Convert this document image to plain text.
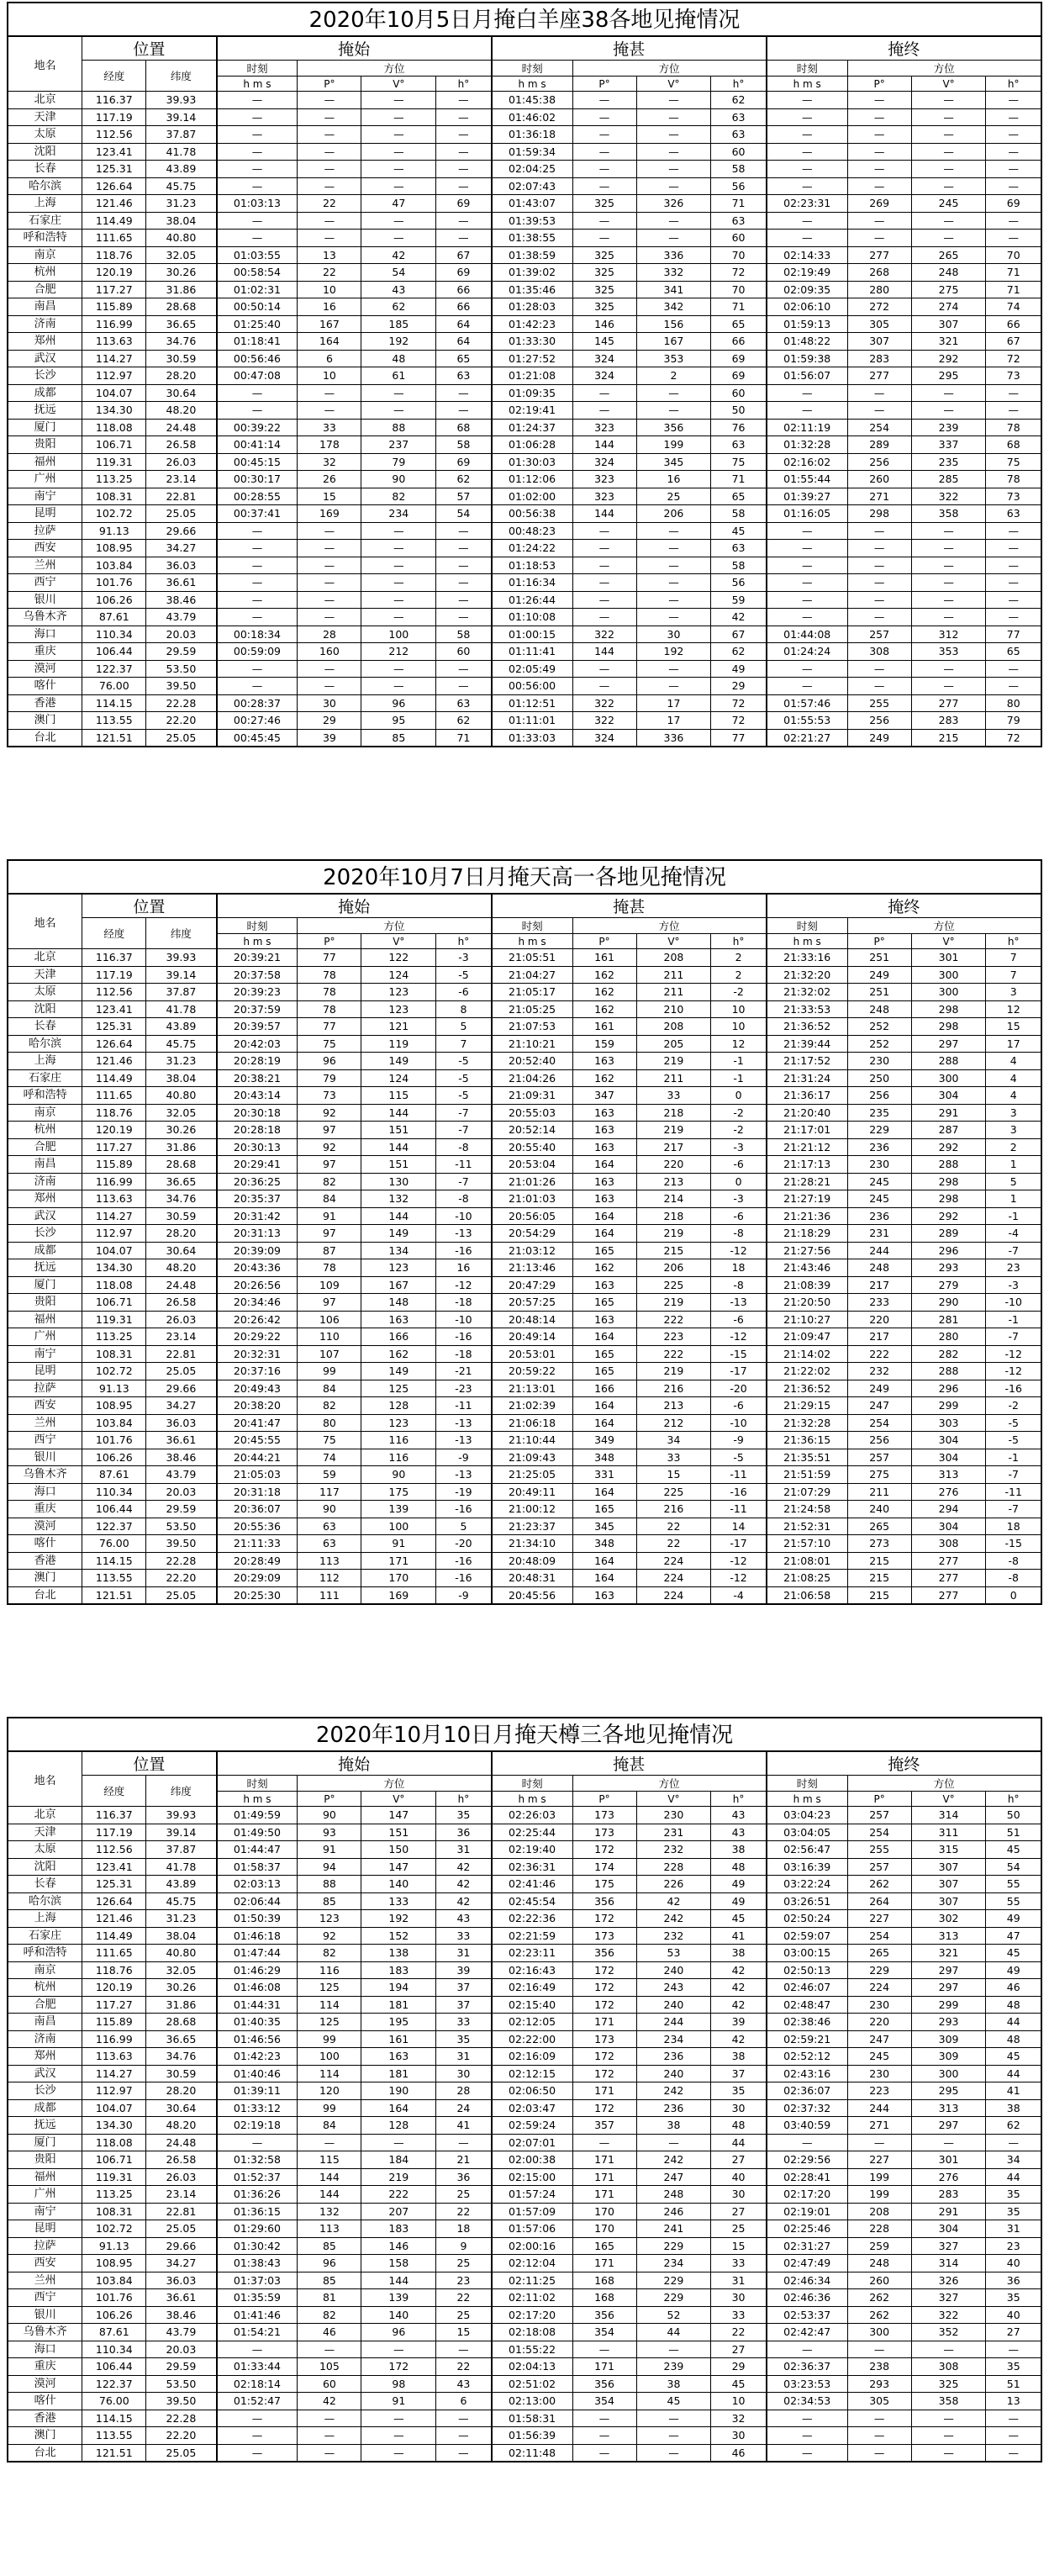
2020年10月5日月掩白羊座38各地见掩情况
地名	位置		掩始				掩甚				掩终			
	经度	纬度	时刻	方位			时刻	方位			时刻	方位		
			h m s	P°	V°	h°	h m s	P°	V°	h°	h m s	P°	V°	h°
北京	116.37	39.93	—	—	—	—	01:45:38	—	—	62	—	—	—	—
天津	117.19	39.14	—	—	—	—	01:46:02	—	—	63	—	—	—	—
太原	112.56	37.87	—	—	—	—	01:36:18	—	—	63	—	—	—	—
沈阳	123.41	41.78	—	—	—	—	01:59:34	—	—	60	—	—	—	—
长春	125.31	43.89	—	—	—	—	02:04:25	—	—	58	—	—	—	—
哈尔滨	126.64	45.75	—	—	—	—	02:07:43	—	—	56	—	—	—	—
上海	121.46	31.23	01:03:13	22	47	69	01:43:07	325	326	71	02:23:31	269	245	69
石家庄	114.49	38.04	—	—	—	—	01:39:53	—	—	63	—	—	—	—
呼和浩特	111.65	40.80	—	—	—	—	01:38:55	—	—	60	—	—	—	—
南京	118.76	32.05	01:03:55	13	42	67	01:38:59	325	336	70	02:14:33	277	265	70
杭州	120.19	30.26	00:58:54	22	54	69	01:39:02	325	332	72	02:19:49	268	248	71
合肥	117.27	31.86	01:02:31	10	43	66	01:35:46	325	341	70	02:09:35	280	275	71
南昌	115.89	28.68	00:50:14	16	62	66	01:28:03	325	342	71	02:06:10	272	274	74
济南	116.99	36.65	01:25:40	167	185	64	01:42:23	146	156	65	01:59:13	305	307	66
郑州	113.63	34.76	01:18:41	164	192	64	01:33:30	145	167	66	01:48:22	307	321	67
武汉	114.27	30.59	00:56:46	6	48	65	01:27:52	324	353	69	01:59:38	283	292	72
长沙	112.97	28.20	00:47:08	10	61	63	01:21:08	324	2	69	01:56:07	277	295	73
成都	104.07	30.64	—	—	—	—	01:09:35	—	—	60	—	—	—	—
抚远	134.30	48.20	—	—	—	—	02:19:41	—	—	50	—	—	—	—
厦门	118.08	24.48	00:39:22	33	88	68	01:24:37	323	356	76	02:11:19	254	239	78
贵阳	106.71	26.58	00:41:14	178	237	58	01:06:28	144	199	63	01:32:28	289	337	68
福州	119.31	26.03	00:45:15	32	79	69	01:30:03	324	345	75	02:16:02	256	235	75
广州	113.25	23.14	00:30:17	26	90	62	01:12:06	323	16	71	01:55:44	260	285	78
南宁	108.31	22.81	00:28:55	15	82	57	01:02:00	323	25	65	01:39:27	271	322	73
昆明	102.72	25.05	00:37:41	169	234	54	00:56:38	144	206	58	01:16:05	298	358	63
拉萨	91.13	29.66	—	—	—	—	00:48:23	—	—	45	—	—	—	—
西安	108.95	34.27	—	—	—	—	01:24:22	—	—	63	—	—	—	—
兰州	103.84	36.03	—	—	—	—	01:18:53	—	—	58	—	—	—	—
西宁	101.76	36.61	—	—	—	—	01:16:34	—	—	56	—	—	—	—
银川	106.26	38.46	—	—	—	—	01:26:44	—	—	59	—	—	—	—
乌鲁木齐	87.61	43.79	—	—	—	—	01:10:08	—	—	42	—	—	—	—
海口	110.34	20.03	00:18:34	28	100	58	01:00:15	322	30	67	01:44:08	257	312	77
重庆	106.44	29.59	00:59:09	160	212	60	01:11:41	144	192	62	01:24:24	308	353	65
漠河	122.37	53.50	—	—	—	—	02:05:49	—	—	49	—	—	—	—
喀什	76.00	39.50	—	—	—	—	00:56:00	—	—	29	—	—	—	—
香港	114.15	22.28	00:28:37	30	96	63	01:12:51	322	17	72	01:57:46	255	277	80
澳门	113.55	22.20	00:27:46	29	95	62	01:11:01	322	17	72	01:55:53	256	283	79
台北	121.51	25.05	00:45:45	39	85	71	01:33:03	324	336	77	02:21:27	249	215	72
2020年10月7日月掩天高一各地见掩情况
地名	位置		掩始				掩甚				掩终			
	经度	纬度	时刻	方位			时刻	方位			时刻	方位		
			h m s	P°	V°	h°	h m s	P°	V°	h°	h m s	P°	V°	h°
北京	116.37	39.93	20:39:21	77	122	-3	21:05:51	161	208	2	21:33:16	251	301	7
天津	117.19	39.14	20:37:58	78	124	-5	21:04:27	162	211	2	21:32:20	249	300	7
太原	112.56	37.87	20:39:23	78	123	-6	21:05:17	162	211	-2	21:32:02	251	300	3
沈阳	123.41	41.78	20:37:59	78	123	8	21:05:25	162	210	10	21:33:53	248	298	12
长春	125.31	43.89	20:39:57	77	121	5	21:07:53	161	208	10	21:36:52	252	298	15
哈尔滨	126.64	45.75	20:42:03	75	119	7	21:10:21	159	205	12	21:39:44	252	297	17
上海	121.46	31.23	20:28:19	96	149	-5	20:52:40	163	219	-1	21:17:52	230	288	4
石家庄	114.49	38.04	20:38:21	79	124	-5	21:04:26	162	211	-1	21:31:24	250	300	4
呼和浩特	111.65	40.80	20:43:14	73	115	-5	21:09:31	347	33	0	21:36:17	256	304	4
南京	118.76	32.05	20:30:18	92	144	-7	20:55:03	163	218	-2	21:20:40	235	291	3
杭州	120.19	30.26	20:28:18	97	151	-7	20:52:14	163	219	-2	21:17:01	229	287	3
合肥	117.27	31.86	20:30:13	92	144	-8	20:55:40	163	217	-3	21:21:12	236	292	2
南昌	115.89	28.68	20:29:41	97	151	-11	20:53:04	164	220	-6	21:17:13	230	288	1
济南	116.99	36.65	20:36:25	82	130	-7	21:01:26	163	213	0	21:28:21	245	298	5
郑州	113.63	34.76	20:35:37	84	132	-8	21:01:03	163	214	-3	21:27:19	245	298	1
武汉	114.27	30.59	20:31:42	91	144	-10	20:56:05	164	218	-6	21:21:36	236	292	-1
长沙	112.97	28.20	20:31:13	97	149	-13	20:54:29	164	219	-8	21:18:29	231	289	-4
成都	104.07	30.64	20:39:09	87	134	-16	21:03:12	165	215	-12	21:27:56	244	296	-7
抚远	134.30	48.20	20:43:36	78	123	16	21:13:46	162	206	18	21:43:46	248	293	23
厦门	118.08	24.48	20:26:56	109	167	-12	20:47:29	163	225	-8	21:08:39	217	279	-3
贵阳	106.71	26.58	20:34:46	97	148	-18	20:57:25	165	219	-13	21:20:50	233	290	-10
福州	119.31	26.03	20:26:42	106	163	-10	20:48:14	163	222	-6	21:10:27	220	281	-1
广州	113.25	23.14	20:29:22	110	166	-16	20:49:14	164	223	-12	21:09:47	217	280	-7
南宁	108.31	22.81	20:32:31	107	162	-18	20:53:01	165	222	-15	21:14:02	222	282	-12
昆明	102.72	25.05	20:37:16	99	149	-21	20:59:22	165	219	-17	21:22:02	232	288	-12
拉萨	91.13	29.66	20:49:43	84	125	-23	21:13:01	166	216	-20	21:36:52	249	296	-16
西安	108.95	34.27	20:38:20	82	128	-11	21:02:39	164	213	-6	21:29:15	247	299	-2
兰州	103.84	36.03	20:41:47	80	123	-13	21:06:18	164	212	-10	21:32:28	254	303	-5
西宁	101.76	36.61	20:45:55	75	116	-13	21:10:44	349	34	-9	21:36:15	256	304	-5
银川	106.26	38.46	20:44:21	74	116	-9	21:09:43	348	33	-5	21:35:51	257	304	-1
乌鲁木齐	87.61	43.79	21:05:03	59	90	-13	21:25:05	331	15	-11	21:51:59	275	313	-7
海口	110.34	20.03	20:31:18	117	175	-19	20:49:11	164	225	-16	21:07:29	211	276	-11
重庆	106.44	29.59	20:36:07	90	139	-16	21:00:12	165	216	-11	21:24:58	240	294	-7
漠河	122.37	53.50	20:55:36	63	100	5	21:23:37	345	22	14	21:52:31	265	304	18
喀什	76.00	39.50	21:11:33	63	91	-20	21:34:10	348	22	-17	21:57:10	273	308	-15
香港	114.15	22.28	20:28:49	113	171	-16	20:48:09	164	224	-12	21:08:01	215	277	-8
澳门	113.55	22.20	20:29:09	112	170	-16	20:48:31	164	224	-12	21:08:25	215	277	-8
台北	121.51	25.05	20:25:30	111	169	-9	20:45:56	163	224	-4	21:06:58	215	277	0
2020年10月10日月掩天樽三各地见掩情况
地名	位置		掩始				掩甚				掩终			
	经度	纬度	时刻	方位			时刻	方位			时刻	方位		
			h m s	P°	V°	h°	h m s	P°	V°	h°	h m s	P°	V°	h°
北京	116.37	39.93	01:49:59	90	147	35	02:26:03	173	230	43	03:04:23	257	314	50
天津	117.19	39.14	01:49:50	93	151	36	02:25:44	173	231	43	03:04:05	254	311	51
太原	112.56	37.87	01:44:47	91	150	31	02:19:40	172	232	38	02:56:47	255	315	45
沈阳	123.41	41.78	01:58:37	94	147	42	02:36:31	174	228	48	03:16:39	257	307	54
长春	125.31	43.89	02:03:13	88	140	42	02:41:46	175	226	49	03:22:24	262	307	55
哈尔滨	126.64	45.75	02:06:44	85	133	42	02:45:54	356	42	49	03:26:51	264	307	55
上海	121.46	31.23	01:50:39	123	192	43	02:22:36	172	242	45	02:50:24	227	302	49
石家庄	114.49	38.04	01:46:18	92	152	33	02:21:59	173	232	41	02:59:07	254	313	47
呼和浩特	111.65	40.80	01:47:44	82	138	31	02:23:11	356	53	38	03:00:15	265	321	45
南京	118.76	32.05	01:46:29	116	183	39	02:16:43	172	240	42	02:50:13	229	297	49
杭州	120.19	30.26	01:46:08	125	194	37	02:16:49	172	243	42	02:46:07	224	297	46
合肥	117.27	31.86	01:44:31	114	181	37	02:15:40	172	240	42	02:48:47	230	299	48
南昌	115.89	28.68	01:40:35	125	195	33	02:12:05	171	244	39	02:38:46	220	293	44
济南	116.99	36.65	01:46:56	99	161	35	02:22:00	173	234	42	02:59:21	247	309	48
郑州	113.63	34.76	01:42:23	100	163	31	02:16:09	172	236	38	02:52:12	245	309	45
武汉	114.27	30.59	01:40:46	114	181	30	02:12:15	172	240	37	02:43:16	230	300	44
长沙	112.97	28.20	01:39:11	120	190	28	02:06:50	171	242	35	02:36:07	223	295	41
成都	104.07	30.64	01:33:12	99	164	24	02:03:47	172	236	30	02:37:32	244	313	38
抚远	134.30	48.20	02:19:18	84	128	41	02:59:24	357	38	48	03:40:59	271	297	62
厦门	118.08	24.48	—	—	—	—	02:07:01	—	—	44	—	—	—	—
贵阳	106.71	26.58	01:32:58	115	184	21	02:00:38	171	242	27	02:29:56	227	301	34
福州	119.31	26.03	01:52:37	144	219	36	02:15:00	171	247	40	02:28:41	199	276	44
广州	113.25	23.14	01:36:26	144	222	25	01:57:24	171	248	30	02:17:20	199	283	35
南宁	108.31	22.81	01:36:15	132	207	22	01:57:09	170	246	27	02:19:01	208	291	35
昆明	102.72	25.05	01:29:60	113	183	18	01:57:06	170	241	25	02:25:46	228	304	31
拉萨	91.13	29.66	01:30:42	85	146	9	02:00:16	165	229	15	02:31:27	259	327	23
西安	108.95	34.27	01:38:43	96	158	25	02:12:04	171	234	33	02:47:49	248	314	40
兰州	103.84	36.03	01:37:03	85	144	23	02:11:25	168	229	31	02:46:34	260	326	36
西宁	101.76	36.61	01:35:59	81	139	22	02:11:02	168	229	30	02:46:36	262	327	35
银川	106.26	38.46	01:41:46	82	140	25	02:17:20	356	52	33	02:53:37	262	322	40
乌鲁木齐	87.61	43.79	01:54:21	46	96	15	02:18:08	354	44	22	02:42:47	300	352	27
海口	110.34	20.03	—	—	—	—	01:55:22	—	—	27	—	—	—	—
重庆	106.44	29.59	01:33:44	105	172	22	02:04:13	171	239	29	02:36:37	238	308	35
漠河	122.37	53.50	02:18:14	60	98	43	02:51:02	356	38	45	03:23:53	293	325	51
喀什	76.00	39.50	01:52:47	42	91	6	02:13:00	354	45	10	02:34:53	305	358	13
香港	114.15	22.28	—	—	—	—	01:58:31	—	—	32	—	—	—	—
澳门	113.55	22.20	—	—	—	—	01:56:39	—	—	30	—	—	—	—
台北	121.51	25.05	—	—	—	—	02:11:48	—	—	46	—	—	—	—
